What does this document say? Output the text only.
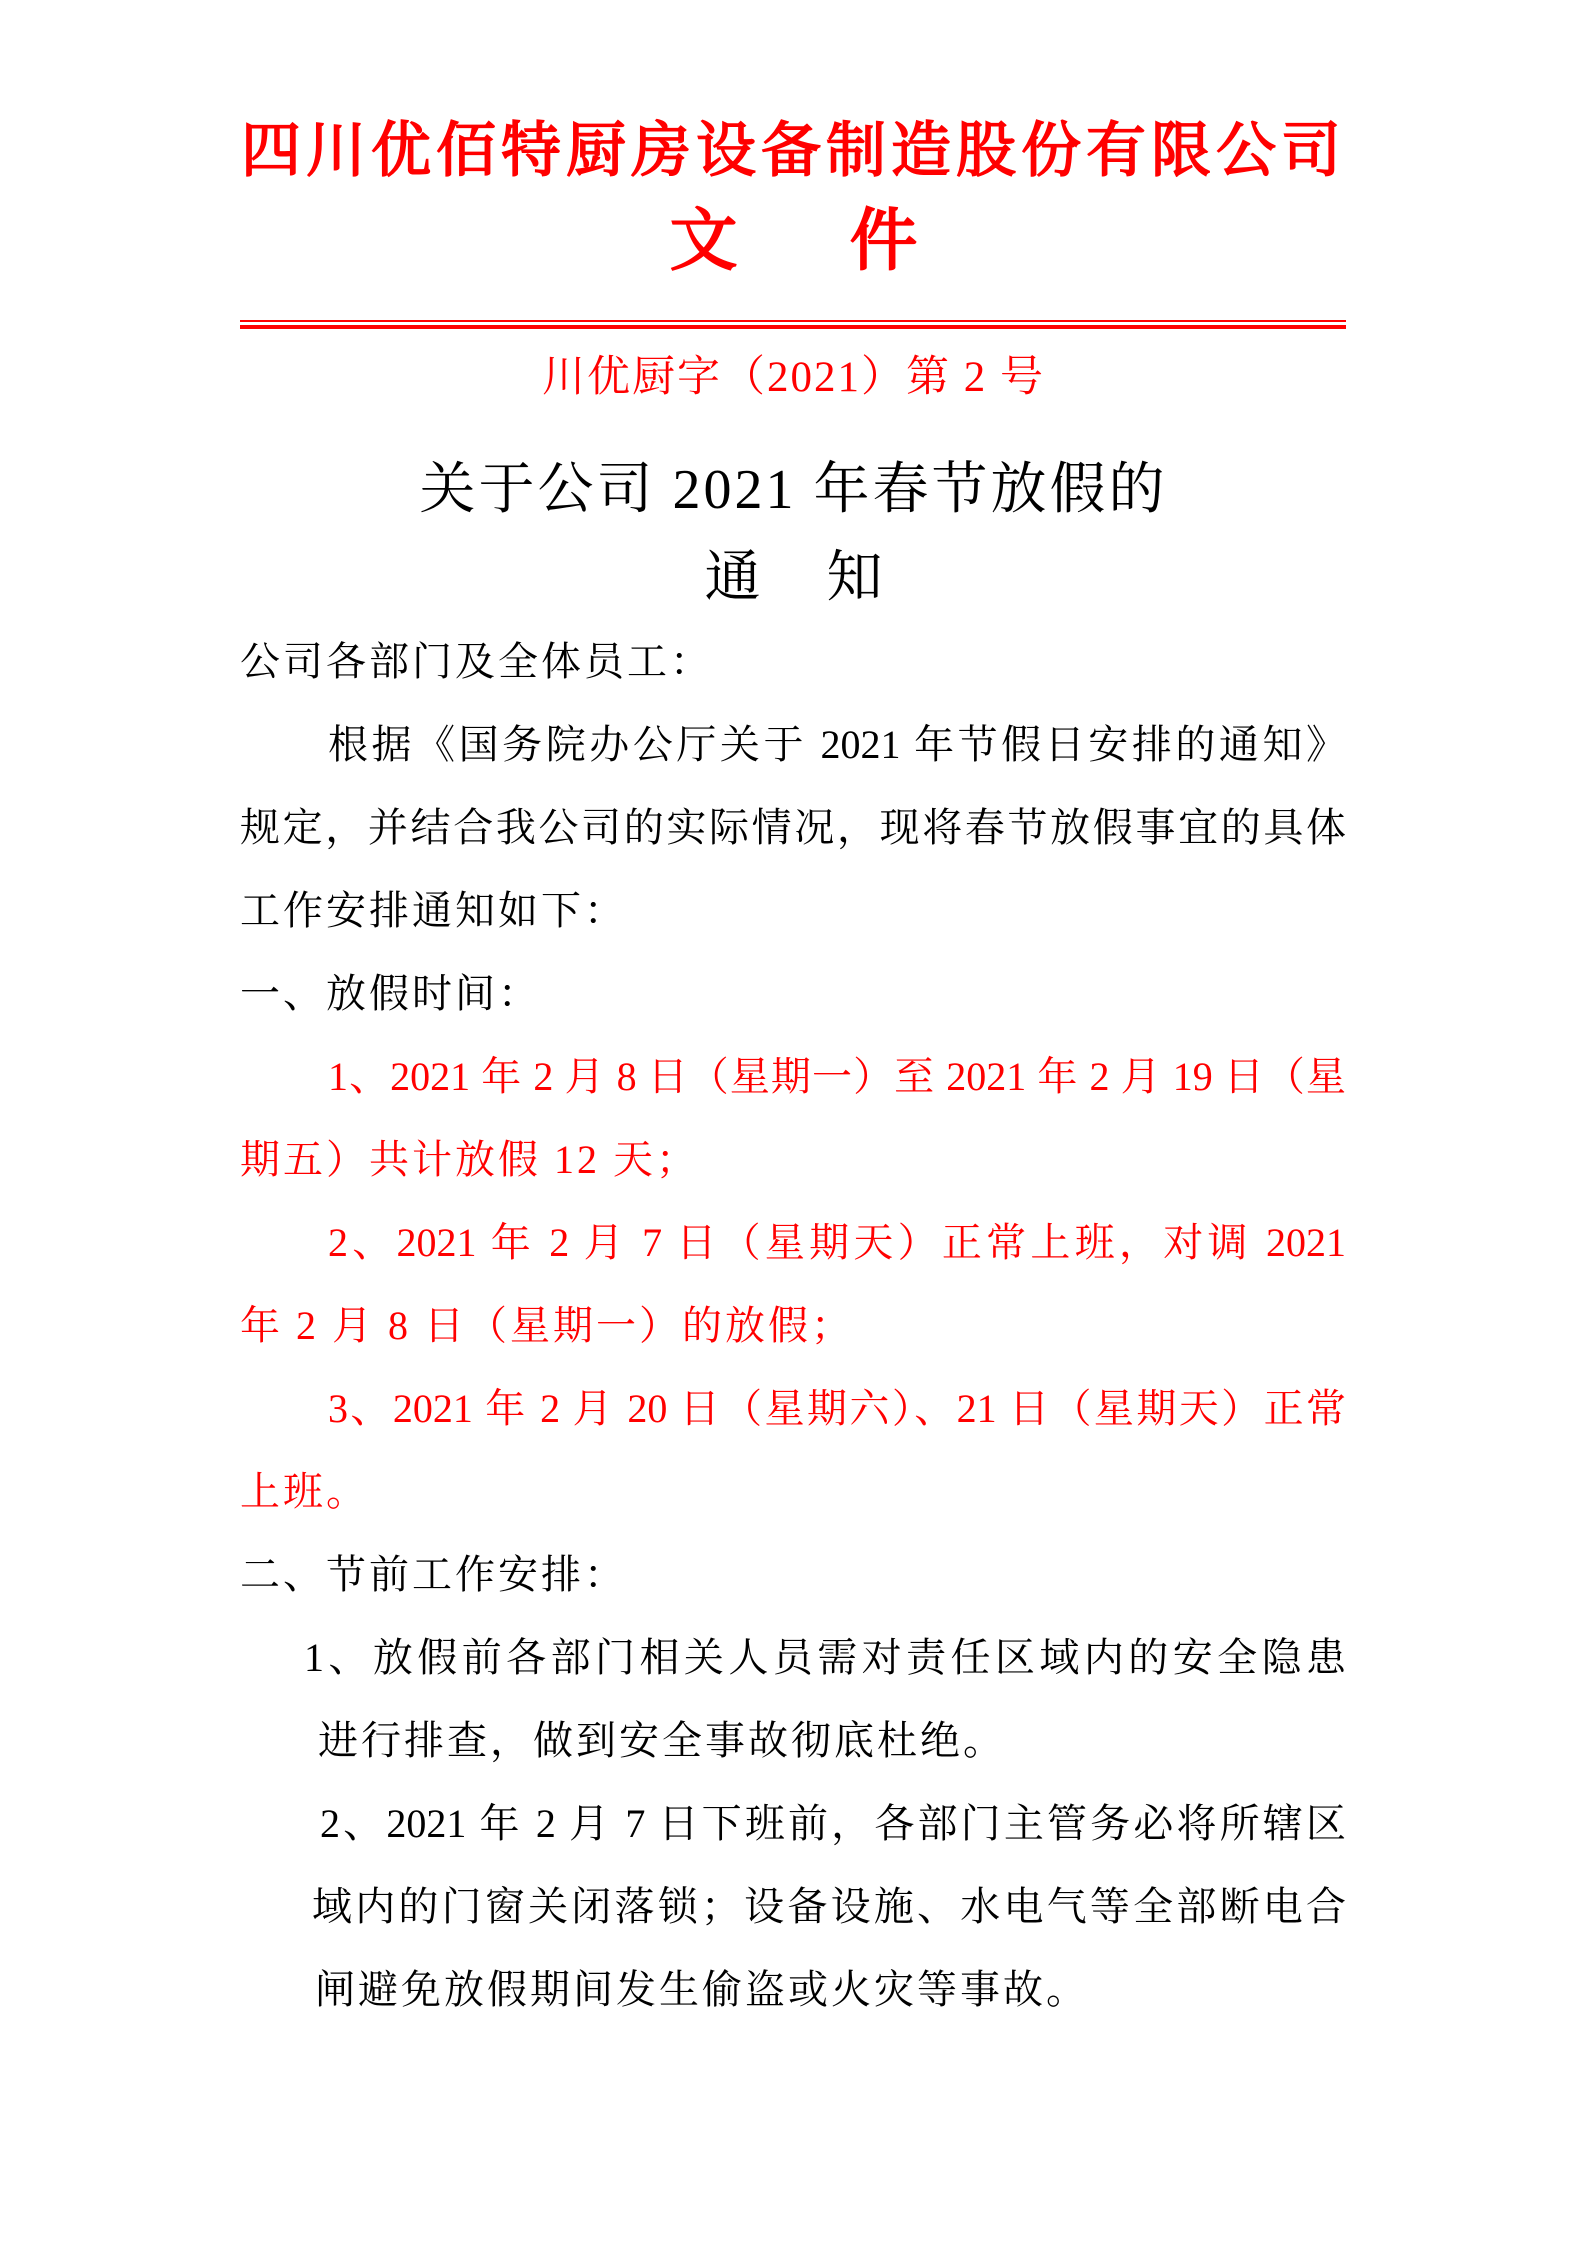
四川优佰特厨房设备制造股份有限公司
文 件
川优厨字（2021）第 2 号
关于公司 2021 年春节放假的
通 知
公司各部门及全体员工：
根据《国务院办公厅关于 2021 年节假日安排的通知》
规定，并结合我公司的实际情况，现将春节放假事宜的具体
工作安排通知如下：
一、放假时间：
1、2021 年 2 月 8 日（星期一）至 2021 年 2 月 19 日（星
期五）共计放假 12 天；
2、2021 年 2 月 7 日（星期天）正常上班，对调 2021
年 2 月 8 日（星期一）的放假；
3、2021 年 2 月 20 日（星期六）、21 日（星期天）正常
上班。
二、节前工作安排：
1、放假前各部门相关人员需对责任区域内的安全隐患
进行排查，做到安全事故彻底杜绝。
2、2021 年 2 月 7 日下班前，各部门主管务必将所辖区
域内的门窗关闭落锁；设备设施、水电气等全部断电合
闸避免放假期间发生偷盗或火灾等事故。
